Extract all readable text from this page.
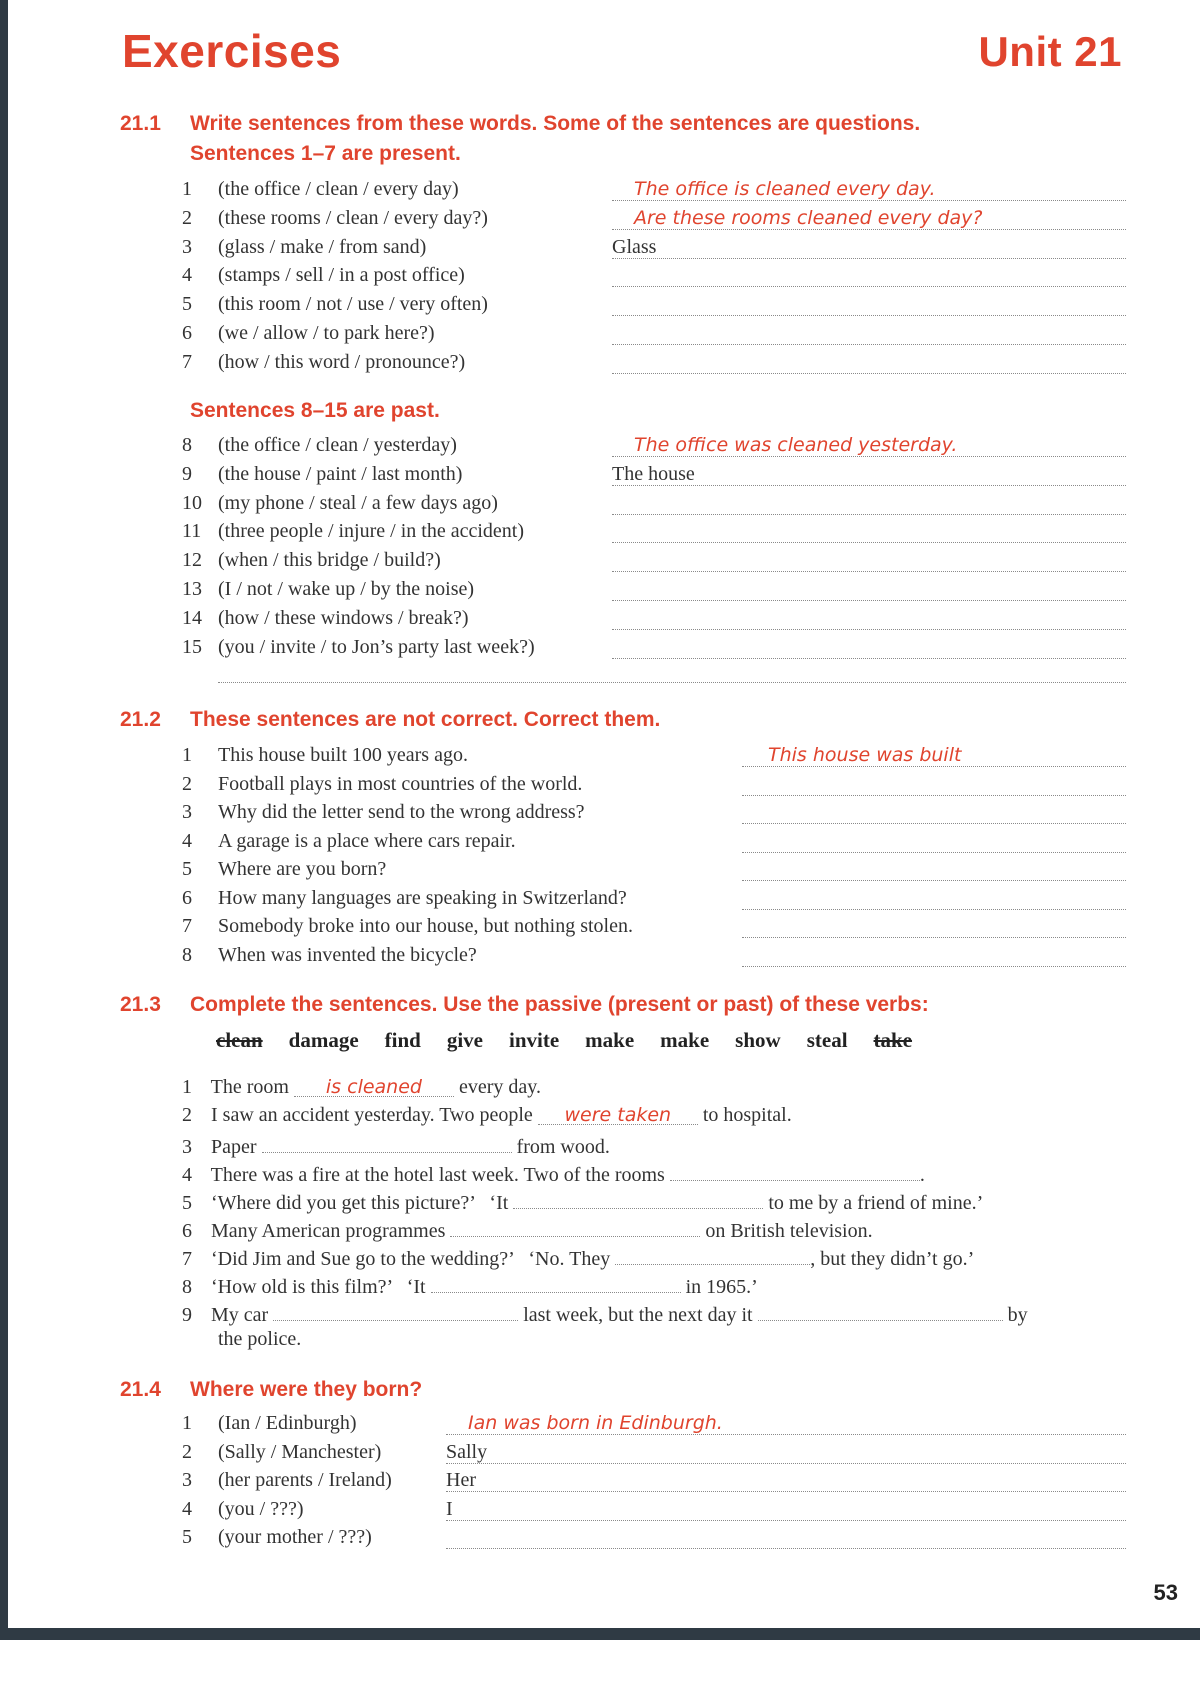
Exercises	Unit 21
21.1 Write sentences from these words. Some of the sentences are questions.
Sentences 1–7 are present.
1	(the office / clean / every day)	The office is cleaned every day.
2	(these rooms / clean / every day?)	Are these rooms cleaned every day?
3	(glass / make / from sand)	Glass
4	(stamps / sell / in a post office)
5	(this room / not / use / very often)
6	(we / allow / to park here?)
7	(how / this word / pronounce?)
Sentences 8–15 are past.
8	(the office / clean / yesterday)	The office was cleaned yesterday.
9	(the house / paint / last month)	The house
10 (my phone / steal / a few days ago)
11 (three people / injure / in the accident)
12 (when / this bridge / build?)
13 (I / not / wake up / by the noise)
14 (how / these windows / break?)
15 (you / invite / to Jon’s party last week?)
21.2 These sentences are not correct. Correct them.
1	This house built 100 years ago.	This house was built
2	Football plays in most countries of the world.
3	Why did the letter send to the wrong address?
4	A garage is a place where cars repair.
5	Where are you born?
6	How many languages are speaking in Switzerland?
7	Somebody broke into our house, but nothing stolen.
8	When was invented the bicycle?
21.3 Complete the sentences. Use the passive (present or past) of these verbs:
clean damage find give invite make make show steal take
1 The room is cleaned every day.
2 I saw an accident yesterday. Two people were taken to hospital.
3 Paper	from wood.
4 There was a fire at the hotel last week. Two of the rooms	.
5 ‘Where did you get this picture?’ ‘It	to me by a friend of mine.’
6 Many American programmes	on British television.
7 ‘Did Jim and Sue go to the wedding?’ ‘No. They	, but they didn’t go.’
8 ‘How old is this film?’ ‘It	in 1965.’
9 My car	last week, but the next day it	by
the police.
21.4 Where were they born?
1	(Ian / Edinburgh)	Ian was born in Edinburgh.
2	(Sally / Manchester)	Sally
3	(her parents / Ireland)	Her
4	(you / ???)	I
5	(your mother / ???)
53
